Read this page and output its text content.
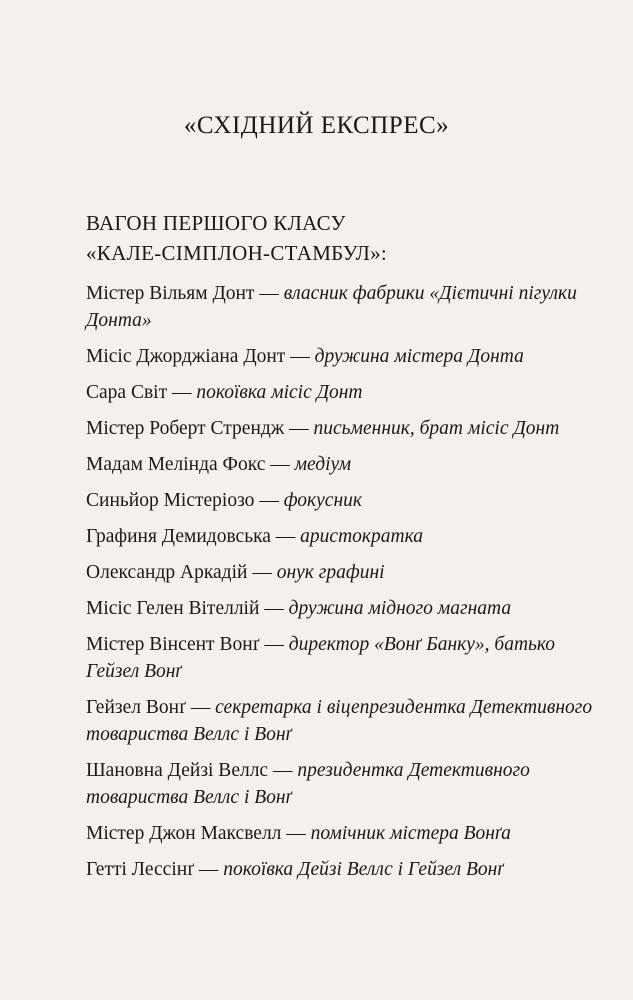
«СХІДНИЙ ЕКСПРЕС»
ВАГОН ПЕРШОГО КЛАСУ
«КАЛЕ-СІМПЛОН-СТАМБУЛ»:
Містер Вільям Донт — власник фабрики «Дієтичні пігулки Донта»
Місіс Джорджіана Донт — дружина містера Донта
Сара Світ — покоївка місіс Донт
Містер Роберт Стрендж — письменник, брат місіс Донт
Мадам Мелінда Фокс — медіум
Синьйор Містеріозо — фокусник
Графиня Демидовська — аристократка
Олександр Аркадій — онук графині
Місіс Гелен Вітеллій — дружина мідного магната
Містер Вінсент Вонґ — директор «Вонґ Банку», батько Гейзел Вонґ
Гейзел Вонґ — секретарка і віцепрезидентка Детективного товариства Веллс і Вонґ
Шановна Дейзі Веллс — президентка Детективного товариства Веллс і Вонґ
Містер Джон Максвелл — помічник містера Вонґа
Гетті Лессінґ — покоївка Дейзі Веллс і Гейзел Вонґ
